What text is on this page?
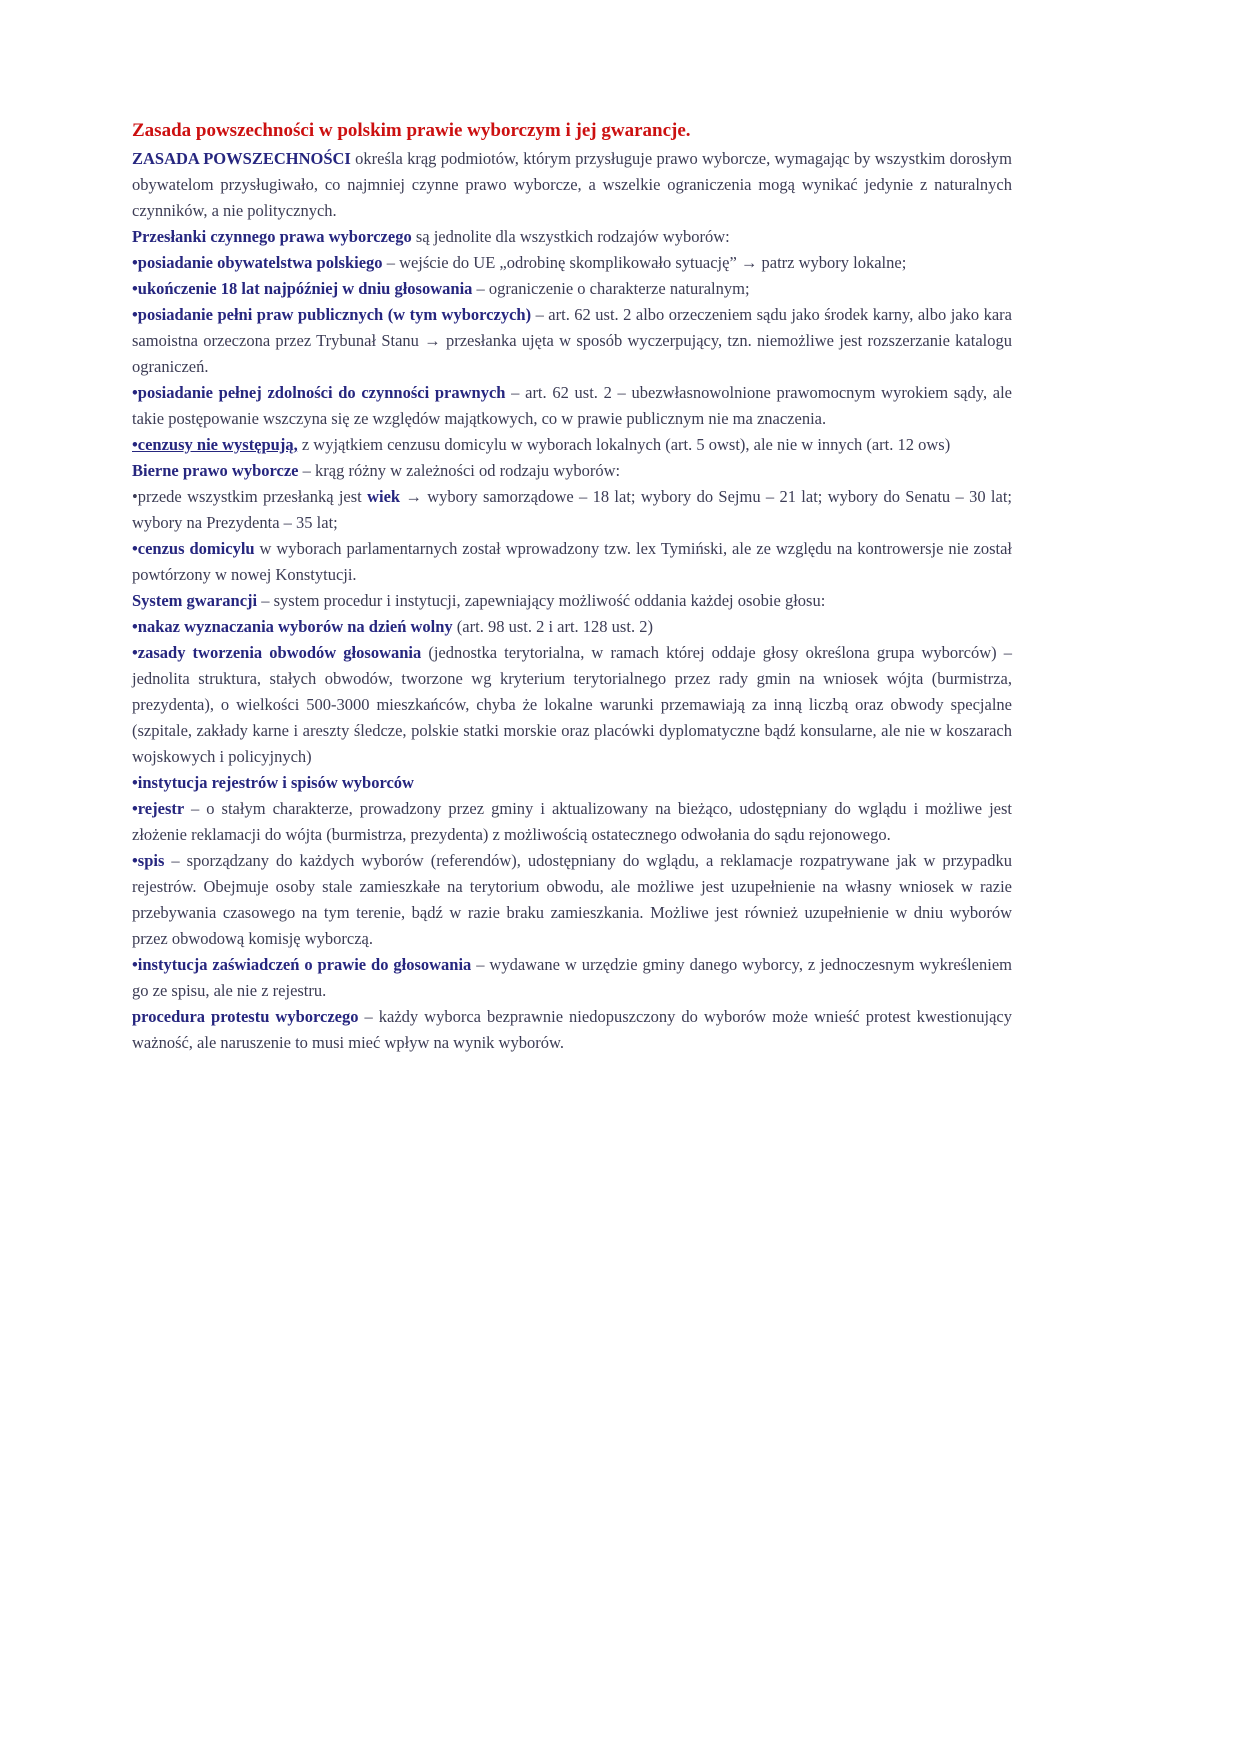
Zasada powszechności w polskim prawie wyborczym i jej gwarancje.

ZASADA POWSZECHNOŚCI określa krąg podmiotów, którym przysługuje prawo wyborcze, wymagając by wszystkim dorosłym obywatelom przysługiwało, co najmniej czynne prawo wyborcze, a wszelkie ograniczenia mogą wynikać jedynie z naturalnych czynników, a nie politycznych.

Przesłanki czynnego prawa wyborczego są jednolite dla wszystkich rodzajów wyborów:

•posiadanie obywatelstwa polskiego – wejście do UE „odrobinę skomplikowało sytuację” → patrz wybory lokalne;

•ukończenie 18 lat najpóźniej w dniu głosowania – ograniczenie o charakterze naturalnym;

•posiadanie pełni praw publicznych (w tym wyborczych) – art. 62 ust. 2 albo orzeczeniem sądu jako środek karny, albo jako kara samoistna orzeczona przez Trybunał Stanu → przesłanka ujęta w sposób wyczerpujący, tzn. niemożliwe jest rozszerzanie katalogu ograniczeń.

•posiadanie pełnej zdolności do czynności prawnych – art. 62 ust. 2 – ubezwłasnowolnione prawomocnym wyrokiem sądy, ale takie postępowanie wszczyna się ze względów majątkowych, co w prawie publicznym nie ma znaczenia.

•cenzusy nie występują, z wyjątkiem cenzusu domicylu w wyborach lokalnych (art. 5 owst), ale nie w innych (art. 12 ows)

Bierne prawo wyborcze – krąg różny w zależności od rodzaju wyborów:

•przede wszystkim przesłanką jest wiek → wybory samorządowe – 18 lat; wybory do Sejmu – 21 lat; wybory do Senatu – 30 lat; wybory na Prezydenta – 35 lat;

•cenzus domicylu w wyborach parlamentarnych został wprowadzony tzw. lex Tymiński, ale ze względu na kontrowersje nie został powtórzony w nowej Konstytucji.

System gwarancji – system procedur i instytucji, zapewniający możliwość oddania każdej osobie głosu:

•nakaz wyznaczania wyborów na dzień wolny (art. 98 ust. 2 i art. 128 ust. 2)

•zasady tworzenia obwodów głosowania (jednostka terytorialna, w ramach której oddaje głosy określona grupa wyborców) – jednolita struktura, stałych obwodów, tworzone wg kryterium terytorialnego przez rady gmin na wniosek wójta (burmistrza, prezydenta), o wielkości 500-3000 mieszkańców, chyba że lokalne warunki przemawiają za inną liczbą oraz obwody specjalne (szpitale, zakłady karne i areszty śledcze, polskie statki morskie oraz placówki dyplomatyczne bądź konsularne, ale nie w koszarach wojskowych i policyjnych)

•instytucja rejestrów i spisów wyborców

•rejestr – o stałym charakterze, prowadzony przez gminy i aktualizowany na bieżąco, udostępniany do wglądu i możliwe jest złożenie reklamacji do wójta (burmistrza, prezydenta) z możliwością ostatecznego odwołania do sądu rejonowego.

•spis – sporządzany do każdych wyborów (referendów), udostępniany do wglądu, a reklamacje rozpatrywane jak w przypadku rejestrów. Obejmuje osoby stale zamieszkałe na terytorium obwodu, ale możliwe jest uzupełnienie na własny wniosek w razie przebywania czasowego na tym terenie, bądź w razie braku zamieszkania. Możliwe jest również uzupełnienie w dniu wyborów przez obwodową komisję wyborczą.

•instytucja zaświadczeń o prawie do głosowania – wydawane w urzędzie gminy danego wyborcy, z jednoczesnym wykreśleniem go ze spisu, ale nie z rejestru.

procedura protestu wyborczego – każdy wyborca bezprawnie niedopuszczony do wyborów może wnieść protest kwestionujący ważność, ale naruszenie to musi mieć wpływ na wynik wyborów.
